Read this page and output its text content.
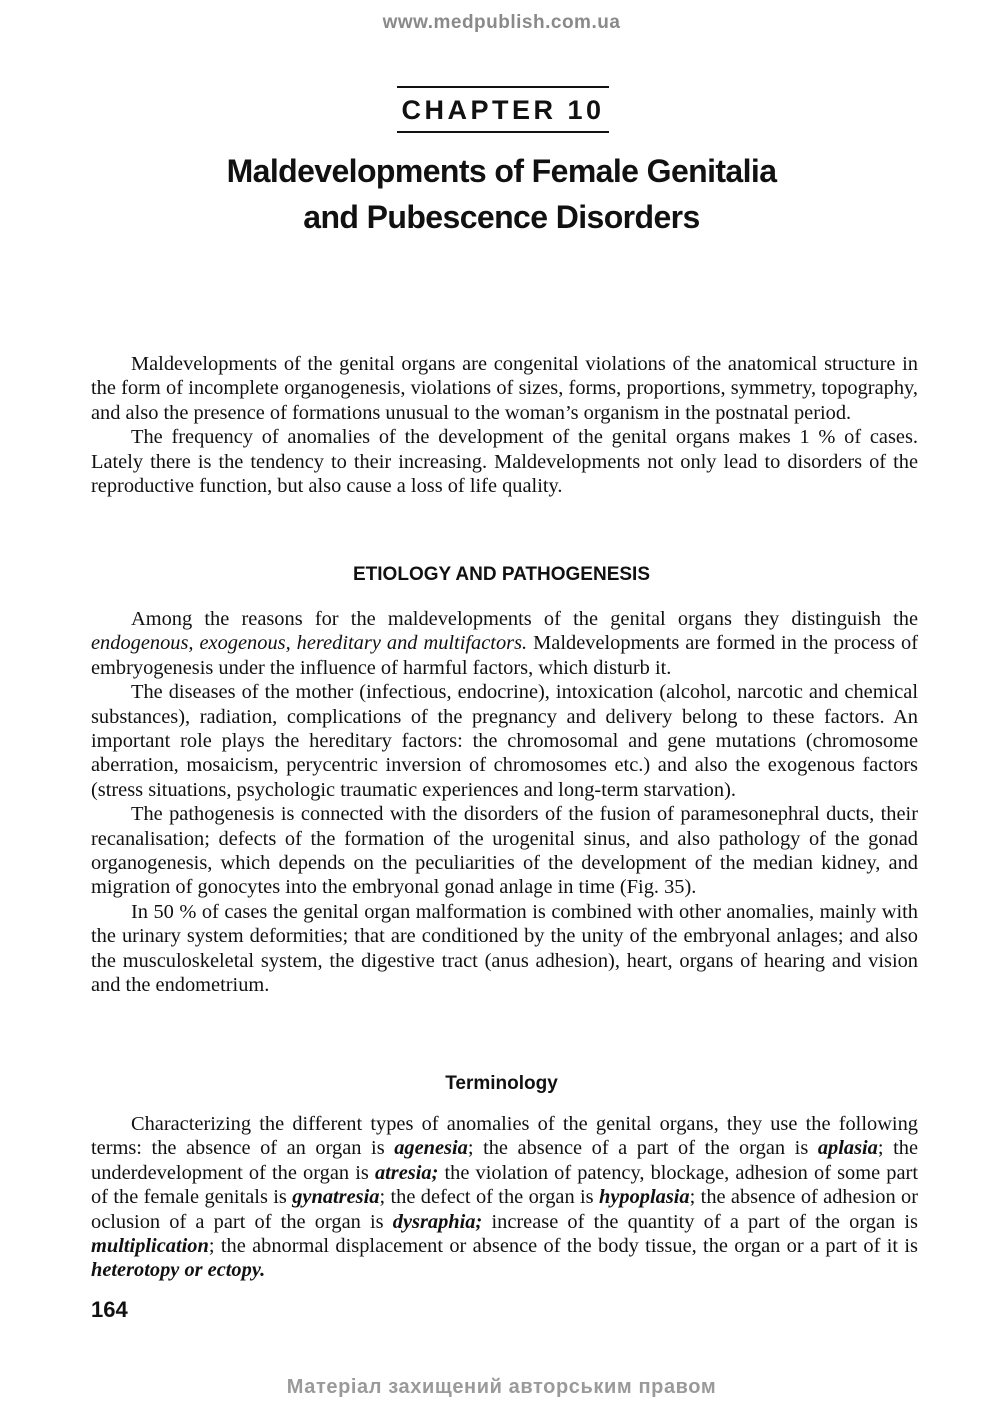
www.medpublish.com.ua
CHAPTER 10
Maldevelopments of Female Genitalia
and Pubescence Disorders

Maldevelopments of the genital organs are congenital violations of the anatomical structure in the form of incomplete organogenesis, violations of sizes, forms, proportions, symmetry, topography, and also the presence of formations unusual to the woman’s organism in the postnatal period.

The frequency of anomalies of the development of the genital organs makes 1 % of cases. Lately there is the tendency to their increasing. Maldevelopments not only lead to disorders of the reproductive function, but also cause a loss of life quality.

ETIOLOGY AND PATHOGENESIS

Among the reasons for the maldevelopments of the genital organs they distinguish the endogenous, exogenous, hereditary and multifactors. Maldevelopments are formed in the process of embryogenesis under the influence of harmful factors, which disturb it.

The diseases of the mother (infectious, endocrine), intoxication (alcohol, narcotic and chemical substances), radiation, complications of the pregnancy and delivery belong to these factors. An important role plays the hereditary factors: the chromosomal and gene mutations (chromosome aberration, mosaicism, perycentric inversion of chromosomes etc.) and also the exogenous factors (stress situations, psychologic traumatic experiences and long-term starvation).

The pathogenesis is connected with the disorders of the fusion of paramesonephral ducts, their recanalisation; defects of the formation of the urogenital sinus, and also pathology of the gonad organogenesis, which depends on the peculiarities of the development of the median kidney, and migration of gonocytes into the embryonal gonad anlage in time (Fig. 35).

In 50 % of cases the genital organ malformation is combined with other anomalies, mainly with the urinary system deformities; that are conditioned by the unity of the embryonal anlages; and also the musculoskeletal system, the digestive tract (anus adhesion), heart, organs of hearing and vision and the endometrium.

Terminology

Characterizing the different types of anomalies of the genital organs, they use the following terms: the absence of an organ is agenesia; the absence of a part of the organ is aplasia; the underdevelopment of the organ is atresia; the violation of patency, blockage, adhesion of some part of the female genitals is gynatresia; the defect of the organ is hypoplasia; the absence of adhesion or oclusion of a part of the organ is dysraphia; increase of the quantity of a part of the organ is multiplication; the abnormal displacement or absence of the body tissue, the organ or a part of it is heterotopy or ectopy.

164
Матеріал захищений авторським правом
